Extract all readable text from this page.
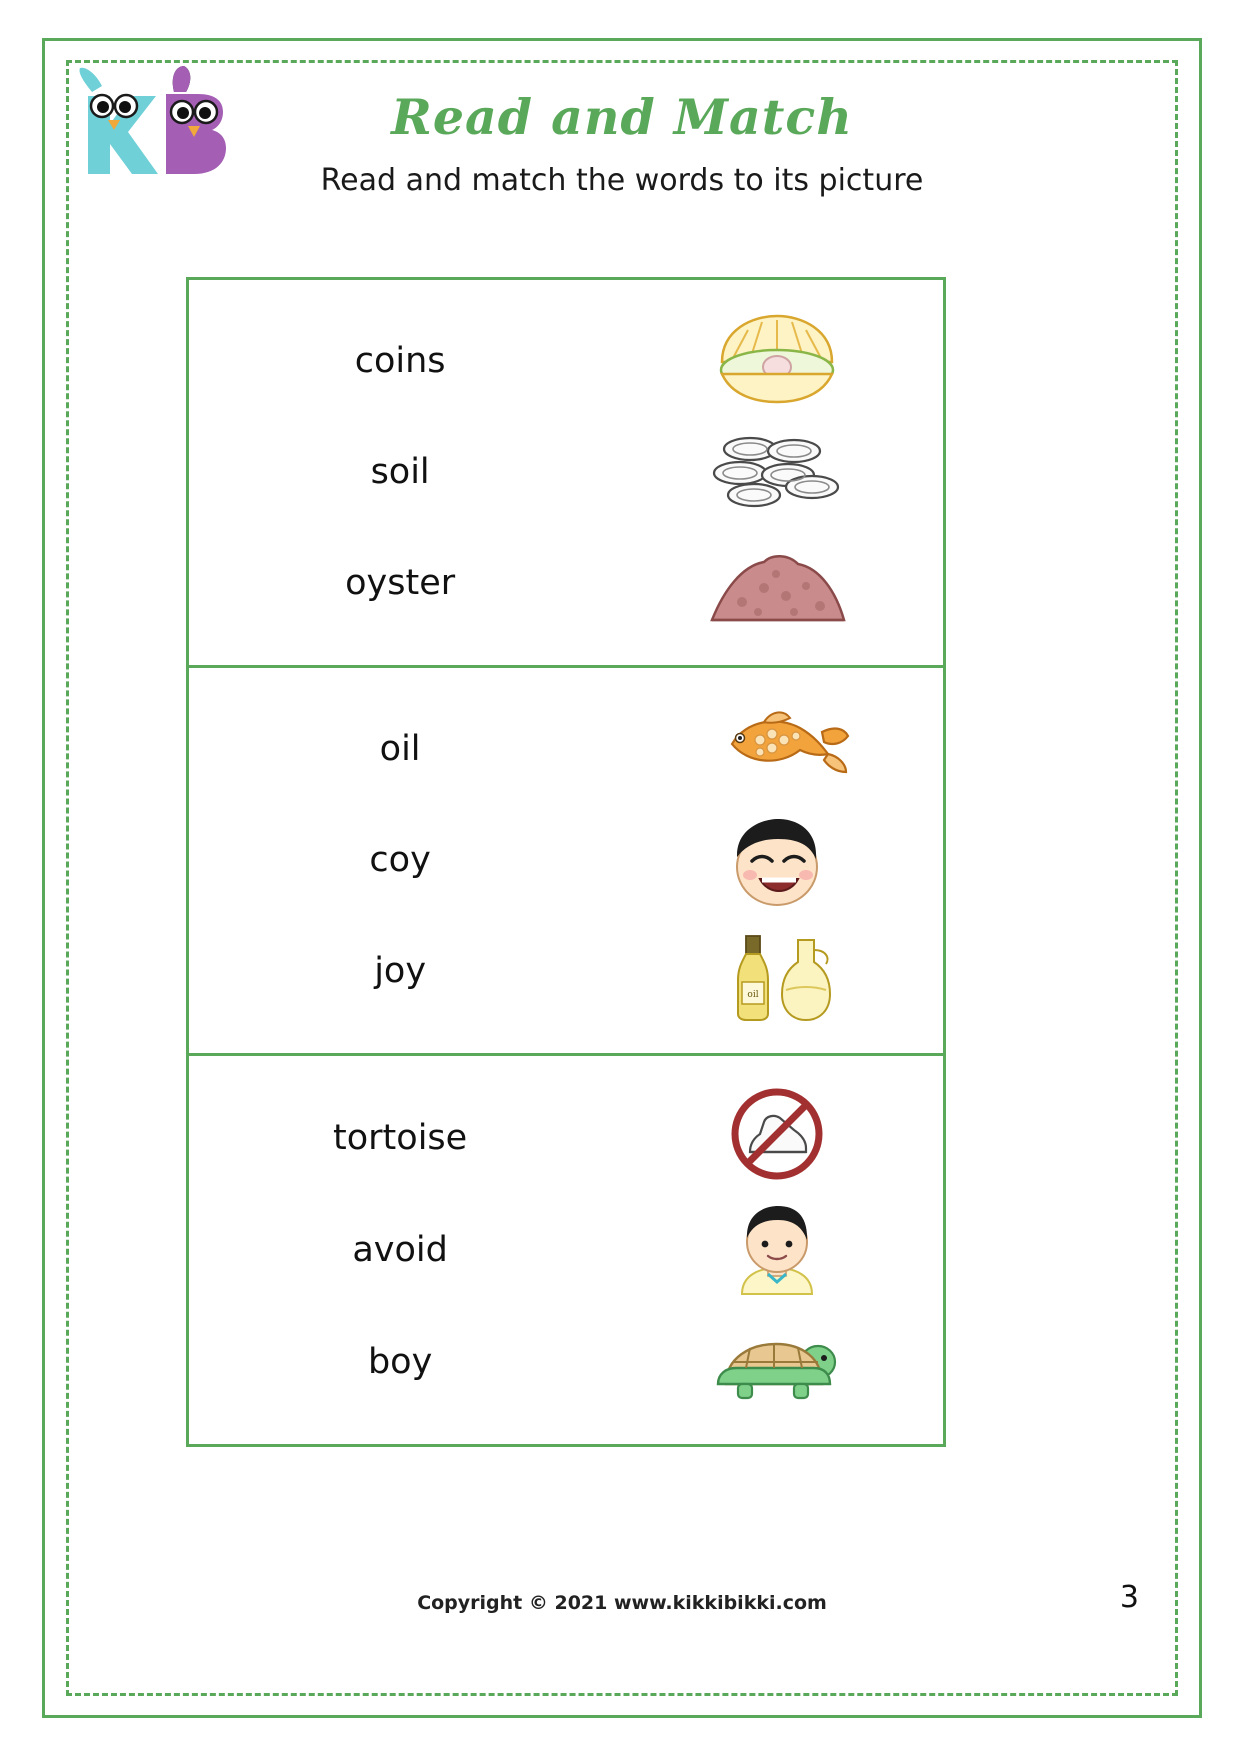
Read and Match
Read and match the words to its picture
coins
soil
oyster
oil
coy
joy
oil
tortoise
avoid
boy
Copyright © 2021 www.kikkibikki.com	3
